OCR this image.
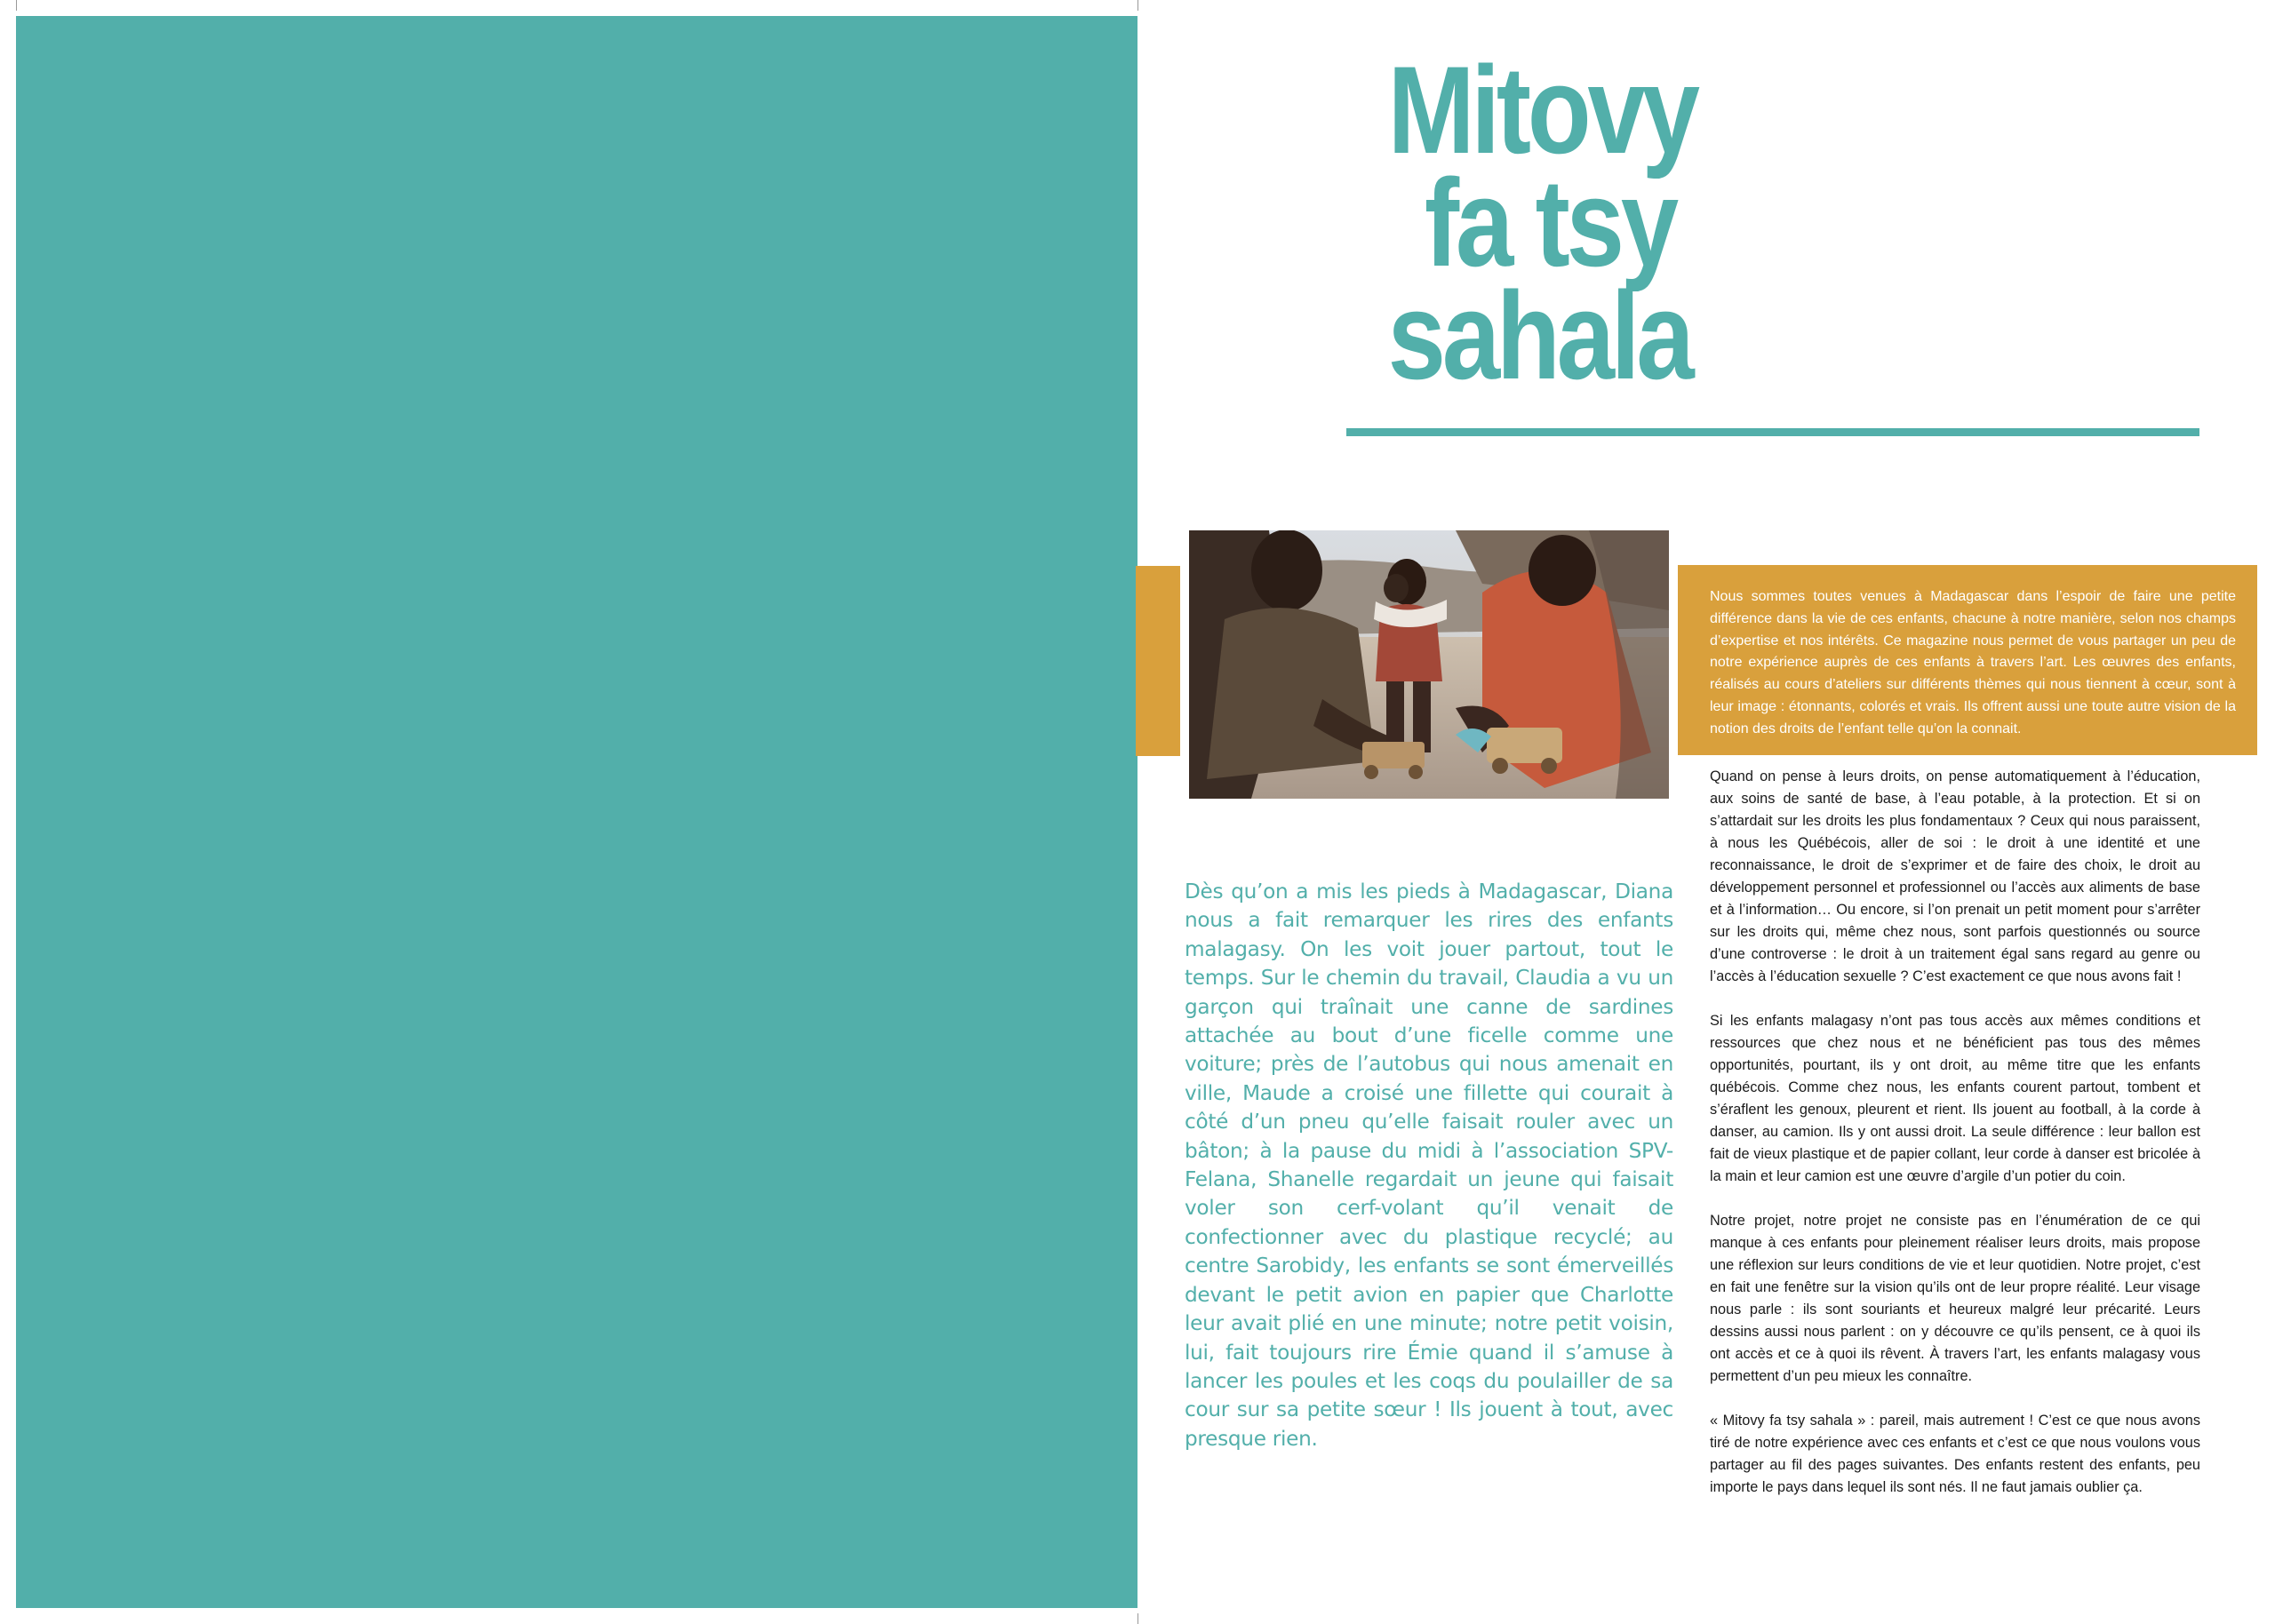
Mitovy
fa tsy
sahala

Nous sommes toutes venues à Madagascar dans l’espoir de faire une petite différence dans la vie de ces enfants, chacune à notre manière, selon nos champs d’expertise et nos intérêts. Ce magazine nous permet de vous partager un peu de notre expérience auprès de ces enfants à travers l’art. Les œuvres des enfants, réalisés au cours d’ateliers sur différents thèmes qui nous tiennent à cœur, sont à leur image : étonnants, colorés et vrais. Ils offrent aussi une toute autre vision de la notion des droits de l’enfant telle qu’on la connait.

Dès qu’on a mis les pieds à Madagascar, Diana nous a fait remarquer les rires des enfants malagasy. On les voit jouer partout, tout le temps. Sur le chemin du travail, Claudia a vu un garçon qui traînait une canne de sardines attachée au bout d’une ficelle comme une voiture; près de l’autobus qui nous amenait en ville, Maude a croisé une fillette qui courait à côté d’un pneu qu’elle faisait rouler avec un bâton; à la pause du midi à l’association SPV-Felana, Shanelle regardait un jeune qui faisait voler son cerf-volant qu’il venait de confectionner avec du plastique recyclé; au centre Sarobidy, les enfants se sont émerveillés devant le petit avion en papier que Charlotte leur avait plié en une minute; notre petit voisin, lui, fait toujours rire Émie quand il s’amuse à lancer les poules et les coqs du poulailler de sa cour sur sa petite sœur ! Ils jouent à tout, avec presque rien.

Quand on pense à leurs droits, on pense automatiquement à l’éducation, aux soins de santé de base, à l’eau potable, à la protection. Et si on s’attardait sur les droits les plus fondamentaux ? Ceux qui nous paraissent, à nous les Québécois, aller de soi : le droit à une identité et une reconnaissance, le droit de s’exprimer et de faire des choix, le droit au développement personnel et professionnel ou l’accès aux aliments de base et à l’information… Ou encore, si l’on prenait un petit moment pour s’arrêter sur les droits qui, même chez nous, sont parfois questionnés ou source d’une controverse : le droit à un traitement égal sans regard au genre ou l’accès à l’éducation sexuelle ? C’est exactement ce que nous avons fait !

Si les enfants malagasy n’ont pas tous accès aux mêmes conditions et ressources que chez nous et ne bénéficient pas tous des mêmes opportunités, pourtant, ils y ont droit, au même titre que les enfants québécois. Comme chez nous, les enfants courent partout, tombent et s’éraflent les genoux, pleurent et rient. Ils jouent au football, à la corde à danser, au camion. Ils y ont aussi droit. La seule différence : leur ballon est fait de vieux plastique et de papier collant, leur corde à danser est bricolée à la main et leur camion est une œuvre d’argile d’un potier du coin.

Notre projet, notre projet ne consiste pas en l’énumération de ce qui manque à ces enfants pour pleinement réaliser leurs droits, mais propose une réflexion sur leurs conditions de vie et leur quotidien. Notre projet, c’est en fait une fenêtre sur la vision qu’ils ont de leur propre réalité. Leur visage nous parle : ils sont souriants et heureux malgré leur précarité. Leurs dessins aussi nous parlent : on y découvre ce qu’ils pensent, ce à quoi ils ont accès et ce à quoi ils rêvent. À travers l’art, les enfants malagasy vous permettent d’un peu mieux les connaître.

« Mitovy fa tsy sahala » : pareil, mais autrement ! C’est ce que nous avons tiré de notre expérience avec ces enfants et c’est ce que nous voulons vous partager au fil des pages suivantes. Des enfants restent des enfants, peu importe le pays dans lequel ils sont nés. Il ne faut jamais oublier ça.
